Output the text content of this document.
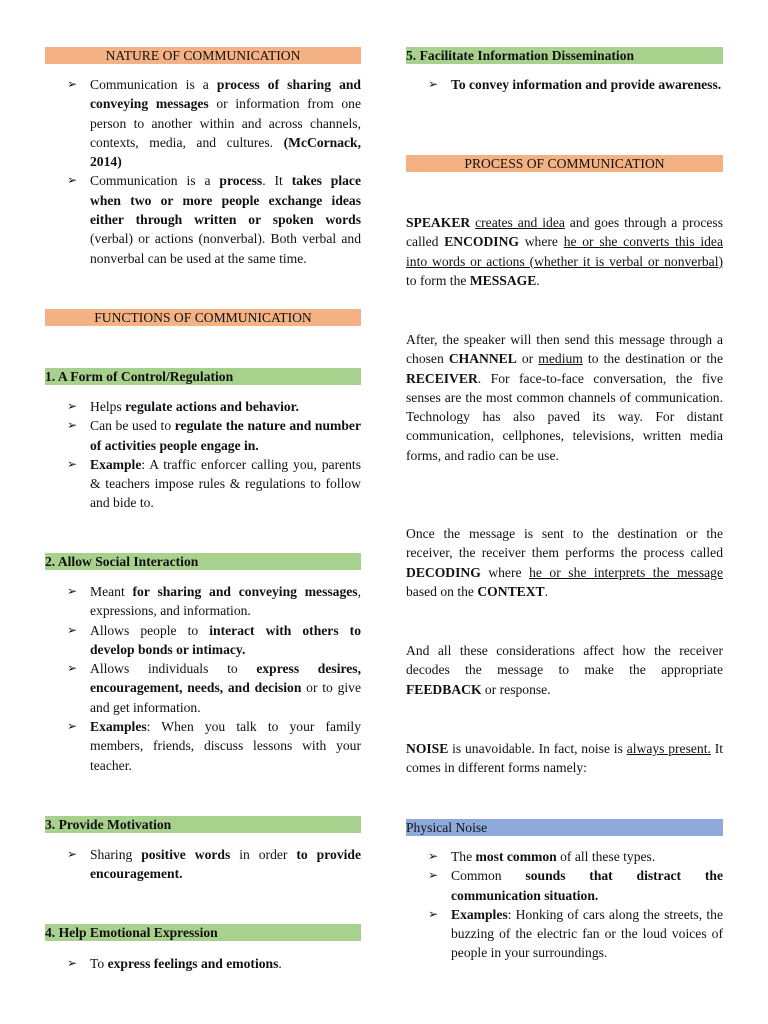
NATURE OF COMMUNICATION
➢ Communication is a process of sharing and conveying messages or information from one person to another within and across channels, contexts, media, and cultures. (McCornack, 2014)
➢ Communication is a process. It takes place when two or more people exchange ideas either through written or spoken words (verbal) or actions (nonverbal). Both verbal and nonverbal can be used at the same time.
FUNCTIONS OF COMMUNICATION
1. A Form of Control/Regulation
➢ Helps regulate actions and behavior.
➢ Can be used to regulate the nature and number of activities people engage in.
➢ Example: A traffic enforcer calling you, parents & teachers impose rules & regulations to follow and bide to.
2. Allow Social Interaction
➢ Meant for sharing and conveying messages, expressions, and information.
➢ Allows people to interact with others to develop bonds or intimacy.
➢ Allows individuals to express desires, encouragement, needs, and decision or to give and get information.
➢ Examples: When you talk to your family members, friends, discuss lessons with your teacher.
3. Provide Motivation
➢ Sharing positive words in order to provide encouragement.
4. Help Emotional Expression
➢ To express feelings and emotions.
5. Facilitate Information Dissemination
➢ To convey information and provide awareness.
PROCESS OF COMMUNICATION

SPEAKER creates and idea and goes through a process called ENCODING where he or she converts this idea into words or actions (whether it is verbal or nonverbal) to form the MESSAGE.

After, the speaker will then send this message through a chosen CHANNEL or medium to the destination or the RECEIVER. For face-to-face conversation, the five senses are the most common channels of communication. Technology has also paved its way. For distant communication, cellphones, televisions, written media forms, and radio can be use.

Once the message is sent to the destination or the receiver, the receiver them performs the process called DECODING where he or she interprets the message based on the CONTEXT.

And all these considerations affect how the receiver decodes the message to make the appropriate FEEDBACK or response.

NOISE is unavoidable. In fact, noise is always present. It comes in different forms namely:

Physical Noise
➢ The most common of all these types.
➢ Common sounds that distract the communication situation.
➢ Examples: Honking of cars along the streets, the buzzing of the electric fan or the loud voices of people in your surroundings.
